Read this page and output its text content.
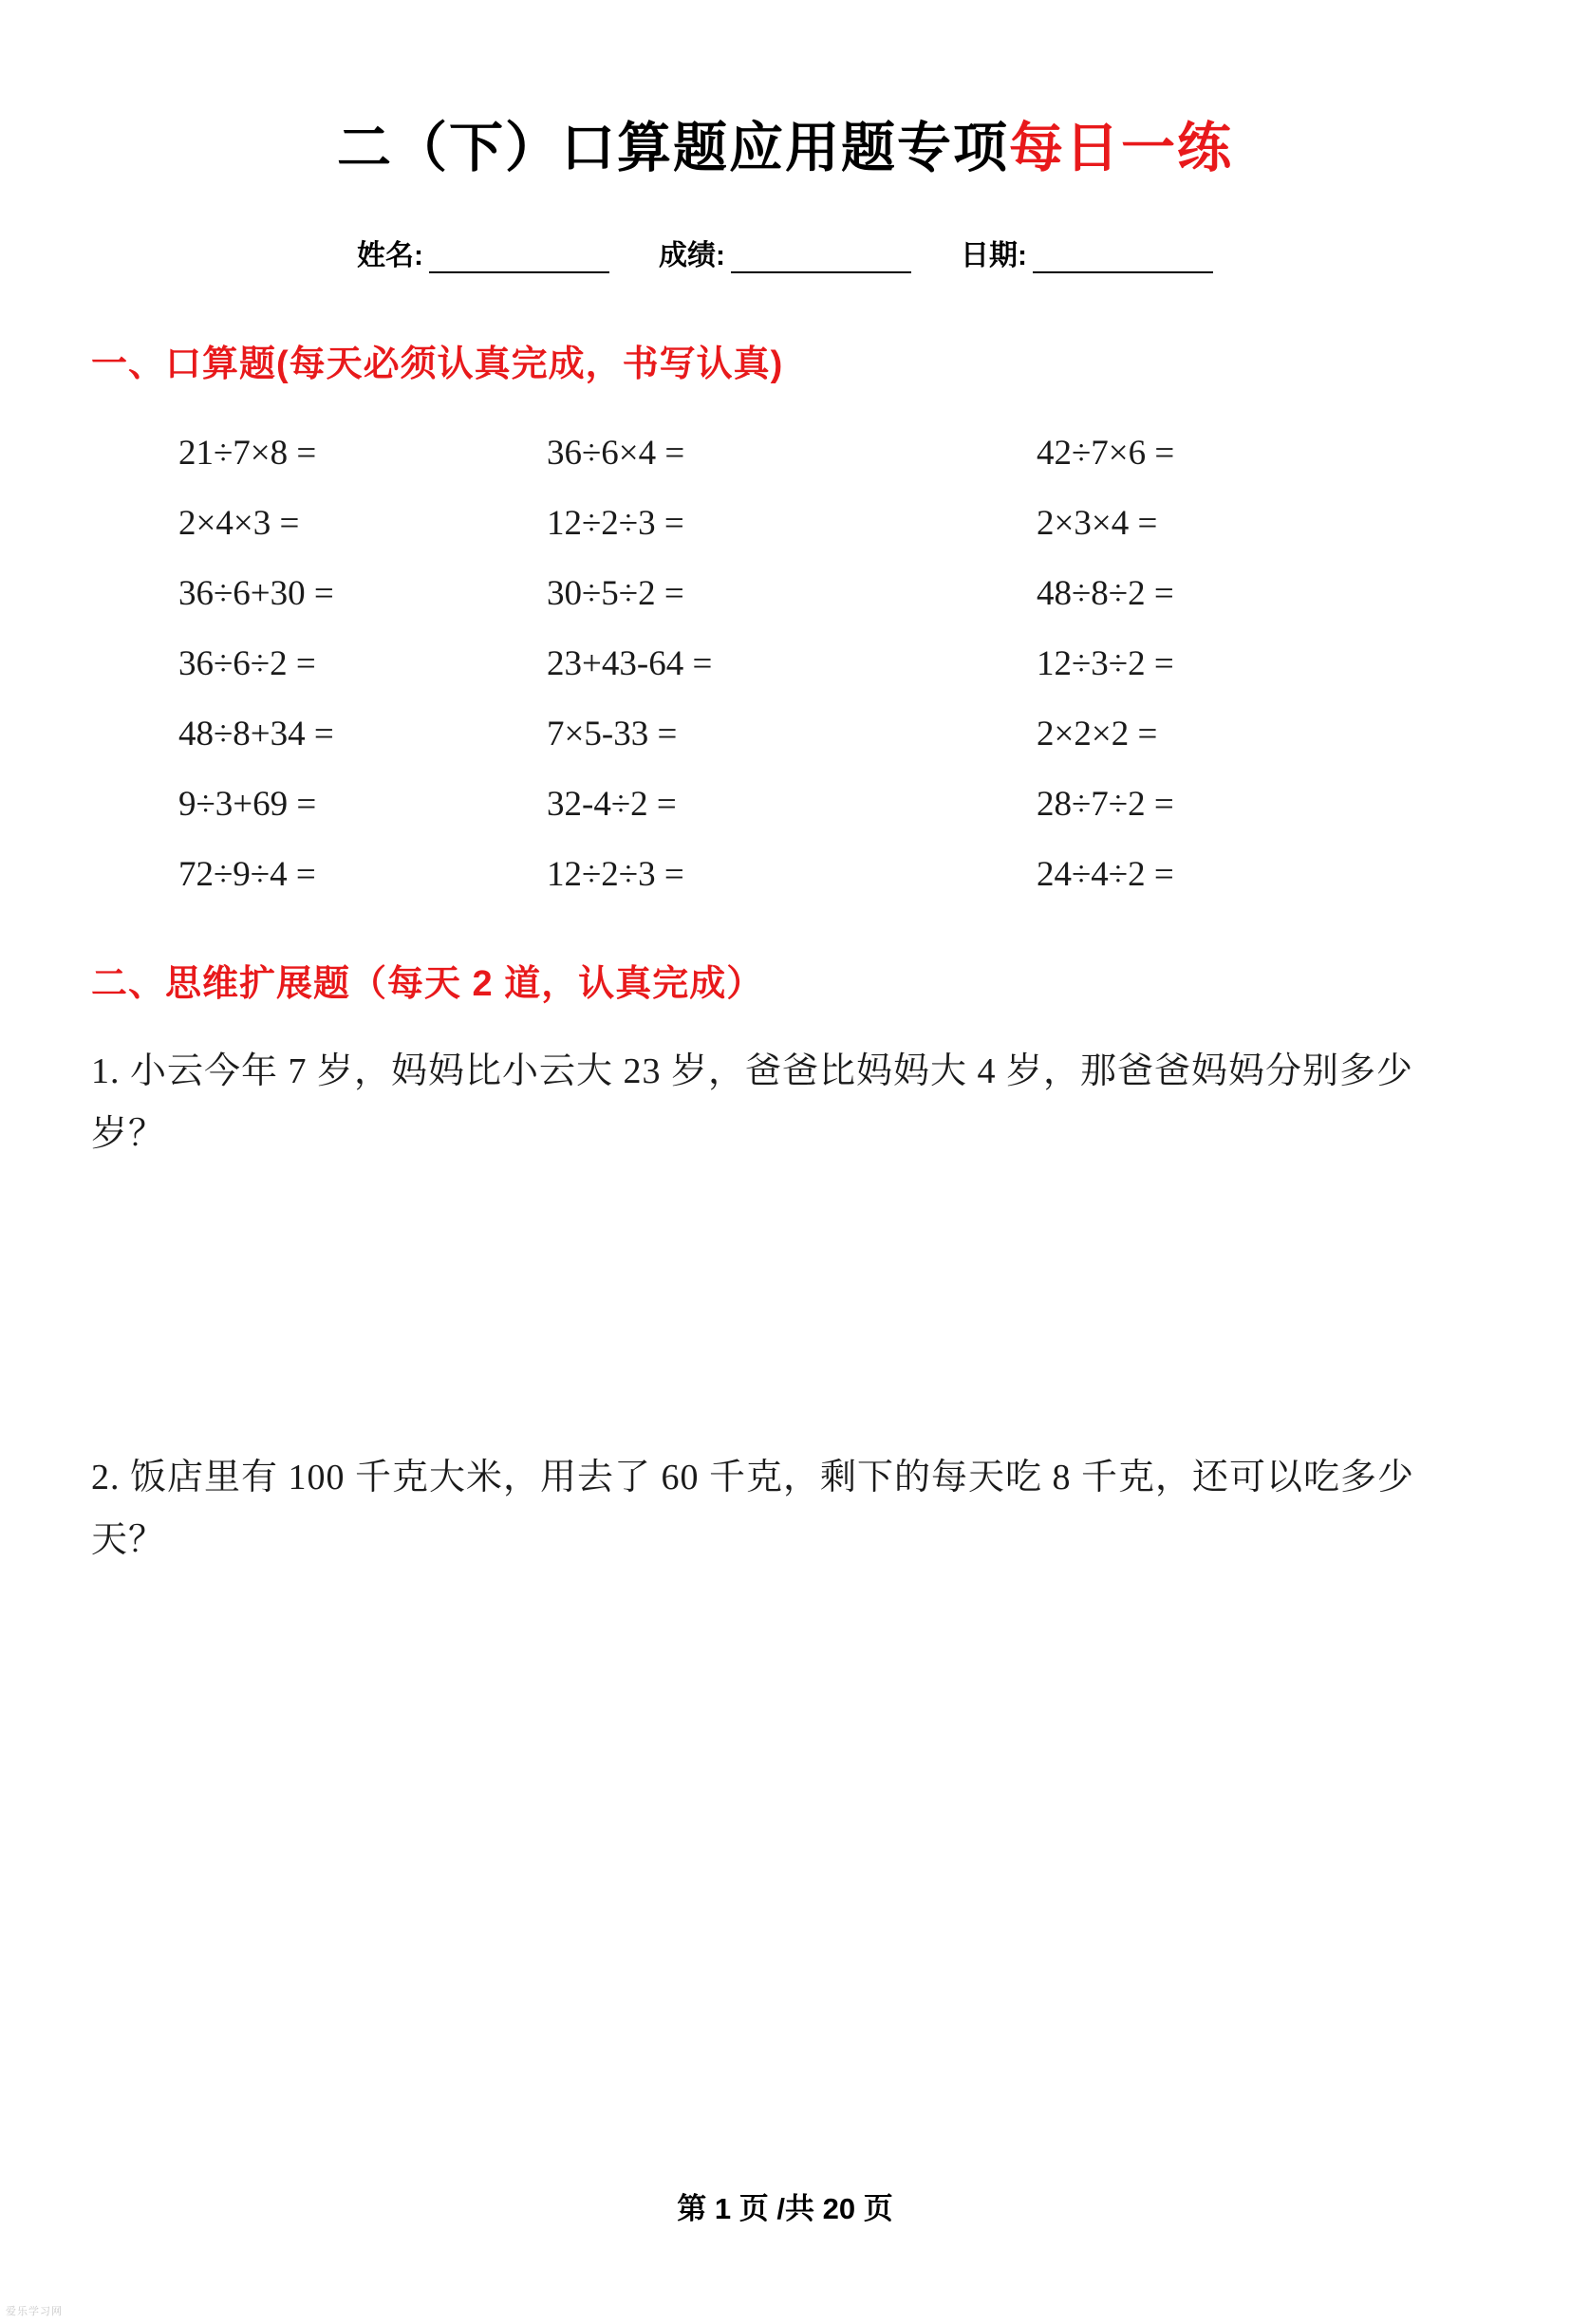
二（下）口算题应用题专项每日一练
姓名:	成绩:	日期:
一、口算题(每天必须认真完成，书写认真)
21÷7×8 =	36÷6×4 =	42÷7×6 =
2×4×3 =	12÷2÷3 =	2×3×4 =
36÷6+30 =	30÷5÷2 =	48÷8÷2 =
36÷6÷2 =	23+43-64 =	12÷3÷2 =
48÷8+34 =	7×5-33 =	2×2×2 =
9÷3+69 =	32-4÷2 =	28÷7÷2 =
72÷9÷4 =	12÷2÷3 =	24÷4÷2 =
二、思维扩展题（每天 2 道，认真完成）
1. 小云今年 7 岁，妈妈比小云大 23 岁，爸爸比妈妈大 4 岁，那爸爸妈妈分别多少岁？
2. 饭店里有 100 千克大米，用去了 60 千克，剩下的每天吃 8 千克，还可以吃多少天？
第 1 页 /共 20 页
爱乐学习网
